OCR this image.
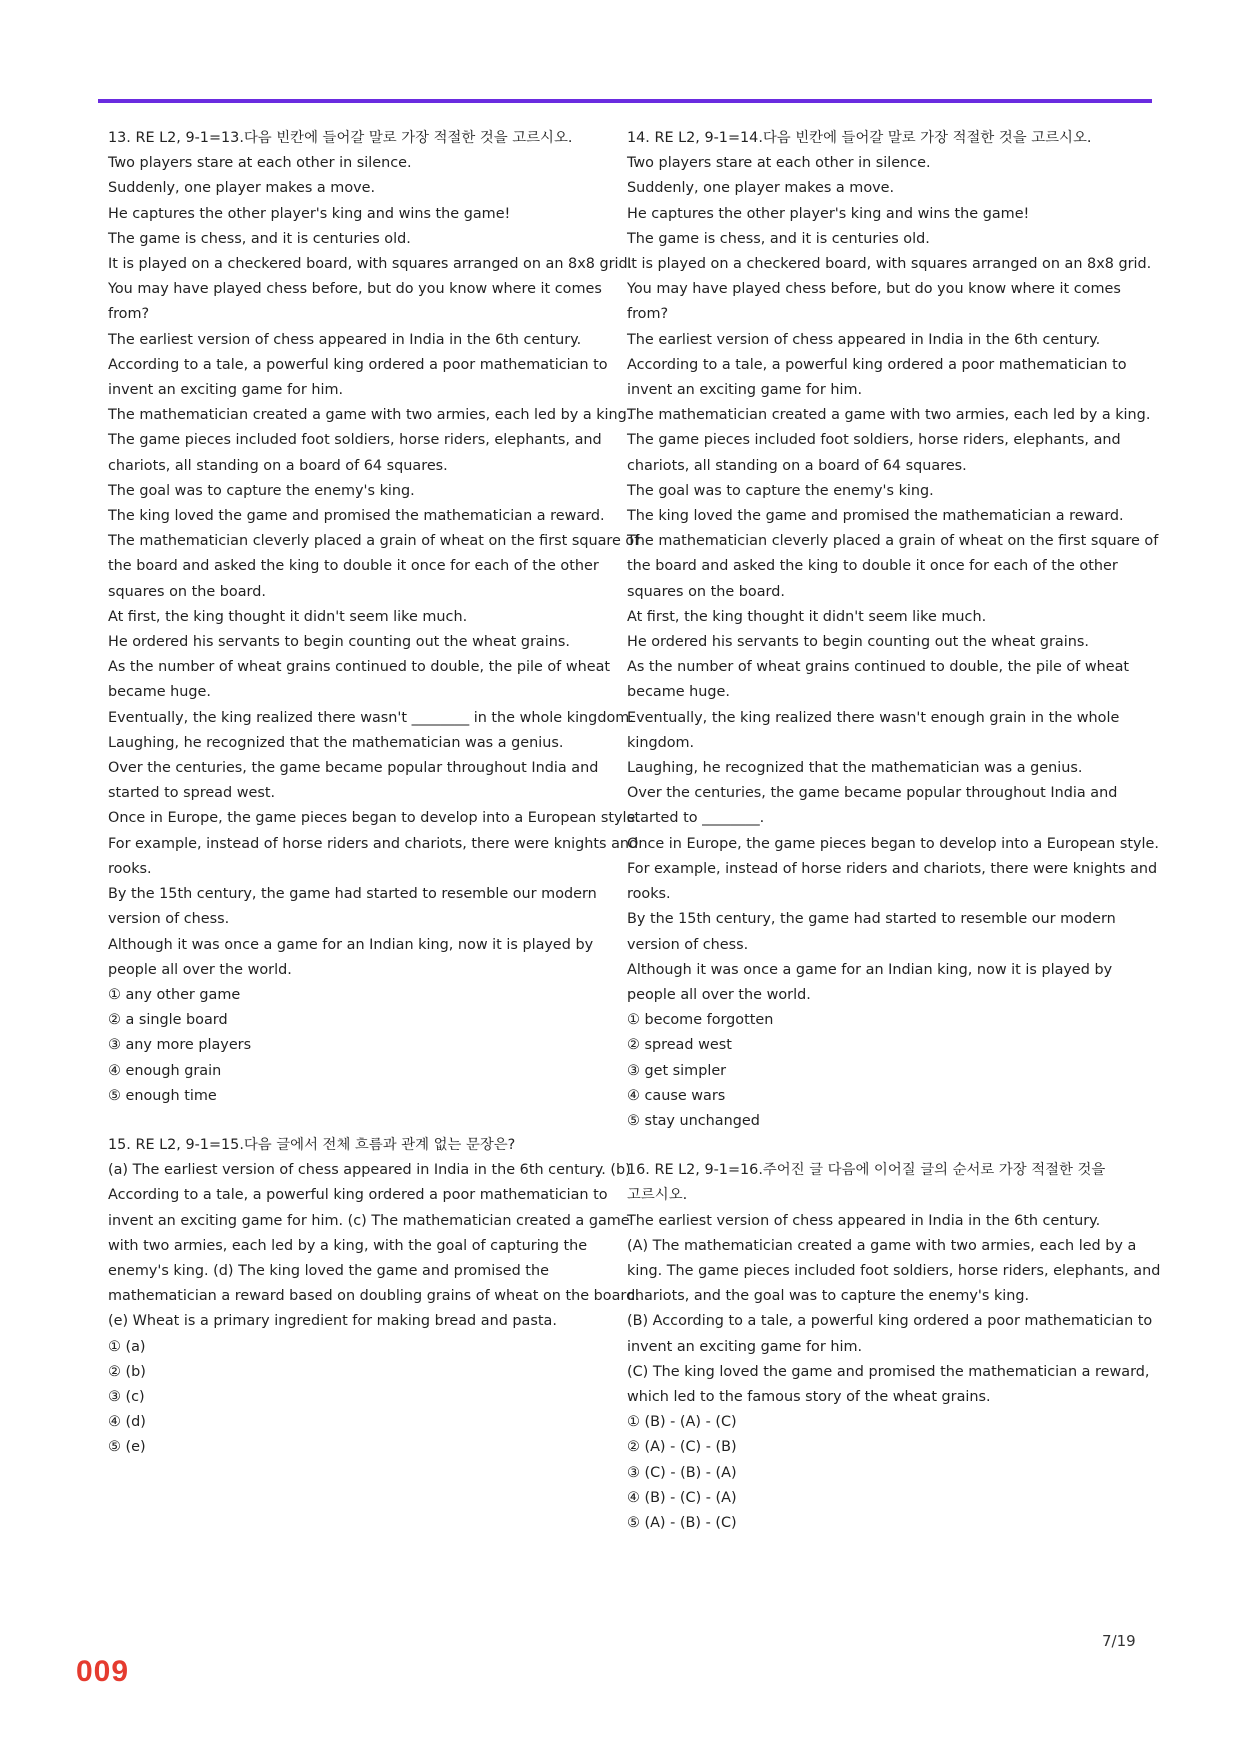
13. RE L2, 9-1=13.다음 빈칸에 들어갈 말로 가장 적절한 것을 고르시오.
Two players stare at each other in silence.
Suddenly, one player makes a move.
He captures the other player's king and wins the game!
The game is chess, and it is centuries old.
It is played on a checkered board, with squares arranged on an 8x8 grid.
You may have played chess before, but do you know where it comes
from?
The earliest version of chess appeared in India in the 6th century.
According to a tale, a powerful king ordered a poor mathematician to
invent an exciting game for him.
The mathematician created a game with two armies, each led by a king.
The game pieces included foot soldiers, horse riders, elephants, and
chariots, all standing on a board of 64 squares.
The goal was to capture the enemy's king.
The king loved the game and promised the mathematician a reward.
The mathematician cleverly placed a grain of wheat on the first square of
the board and asked the king to double it once for each of the other
squares on the board.
At first, the king thought it didn't seem like much.
He ordered his servants to begin counting out the wheat grains.
As the number of wheat grains continued to double, the pile of wheat
became huge.
Eventually, the king realized there wasn't ________ in the whole kingdom.
Laughing, he recognized that the mathematician was a genius.
Over the centuries, the game became popular throughout India and
started to spread west.
Once in Europe, the game pieces began to develop into a European style.
For example, instead of horse riders and chariots, there were knights and
rooks.
By the 15th century, the game had started to resemble our modern
version of chess.
Although it was once a game for an Indian king, now it is played by
people all over the world.
① any other game
② a single board
③ any more players
④ enough grain
⑤ enough time
15. RE L2, 9-1=15.다음 글에서 전체 흐름과 관계 없는 문장은?
(a) The earliest version of chess appeared in India in the 6th century. (b)
According to a tale, a powerful king ordered a poor mathematician to
invent an exciting game for him. (c) The mathematician created a game
with two armies, each led by a king, with the goal of capturing the
enemy's king. (d) The king loved the game and promised the
mathematician a reward based on doubling grains of wheat on the board.
(e) Wheat is a primary ingredient for making bread and pasta.
① (a)
② (b)
③ (c)
④ (d)
⑤ (e)
14. RE L2, 9-1=14.다음 빈칸에 들어갈 말로 가장 적절한 것을 고르시오.
Two players stare at each other in silence.
Suddenly, one player makes a move.
He captures the other player's king and wins the game!
The game is chess, and it is centuries old.
It is played on a checkered board, with squares arranged on an 8x8 grid.
You may have played chess before, but do you know where it comes
from?
The earliest version of chess appeared in India in the 6th century.
According to a tale, a powerful king ordered a poor mathematician to
invent an exciting game for him.
The mathematician created a game with two armies, each led by a king.
The game pieces included foot soldiers, horse riders, elephants, and
chariots, all standing on a board of 64 squares.
The goal was to capture the enemy's king.
The king loved the game and promised the mathematician a reward.
The mathematician cleverly placed a grain of wheat on the first square of
the board and asked the king to double it once for each of the other
squares on the board.
At first, the king thought it didn't seem like much.
He ordered his servants to begin counting out the wheat grains.
As the number of wheat grains continued to double, the pile of wheat
became huge.
Eventually, the king realized there wasn't enough grain in the whole
kingdom.
Laughing, he recognized that the mathematician was a genius.
Over the centuries, the game became popular throughout India and
started to ________.
Once in Europe, the game pieces began to develop into a European style.
For example, instead of horse riders and chariots, there were knights and
rooks.
By the 15th century, the game had started to resemble our modern
version of chess.
Although it was once a game for an Indian king, now it is played by
people all over the world.
① become forgotten
② spread west
③ get simpler
④ cause wars
⑤ stay unchanged
16. RE L2, 9-1=16.주어진 글 다음에 이어질 글의 순서로 가장 적절한 것을
고르시오.
The earliest version of chess appeared in India in the 6th century.
(A) The mathematician created a game with two armies, each led by a
king. The game pieces included foot soldiers, horse riders, elephants, and
chariots, and the goal was to capture the enemy's king.
(B) According to a tale, a powerful king ordered a poor mathematician to
invent an exciting game for him.
(C) The king loved the game and promised the mathematician a reward,
which led to the famous story of the wheat grains.
① (B) - (A) - (C)
② (A) - (C) - (B)
③ (C) - (B) - (A)
④ (B) - (C) - (A)
⑤ (A) - (B) - (C)
7/19
009
